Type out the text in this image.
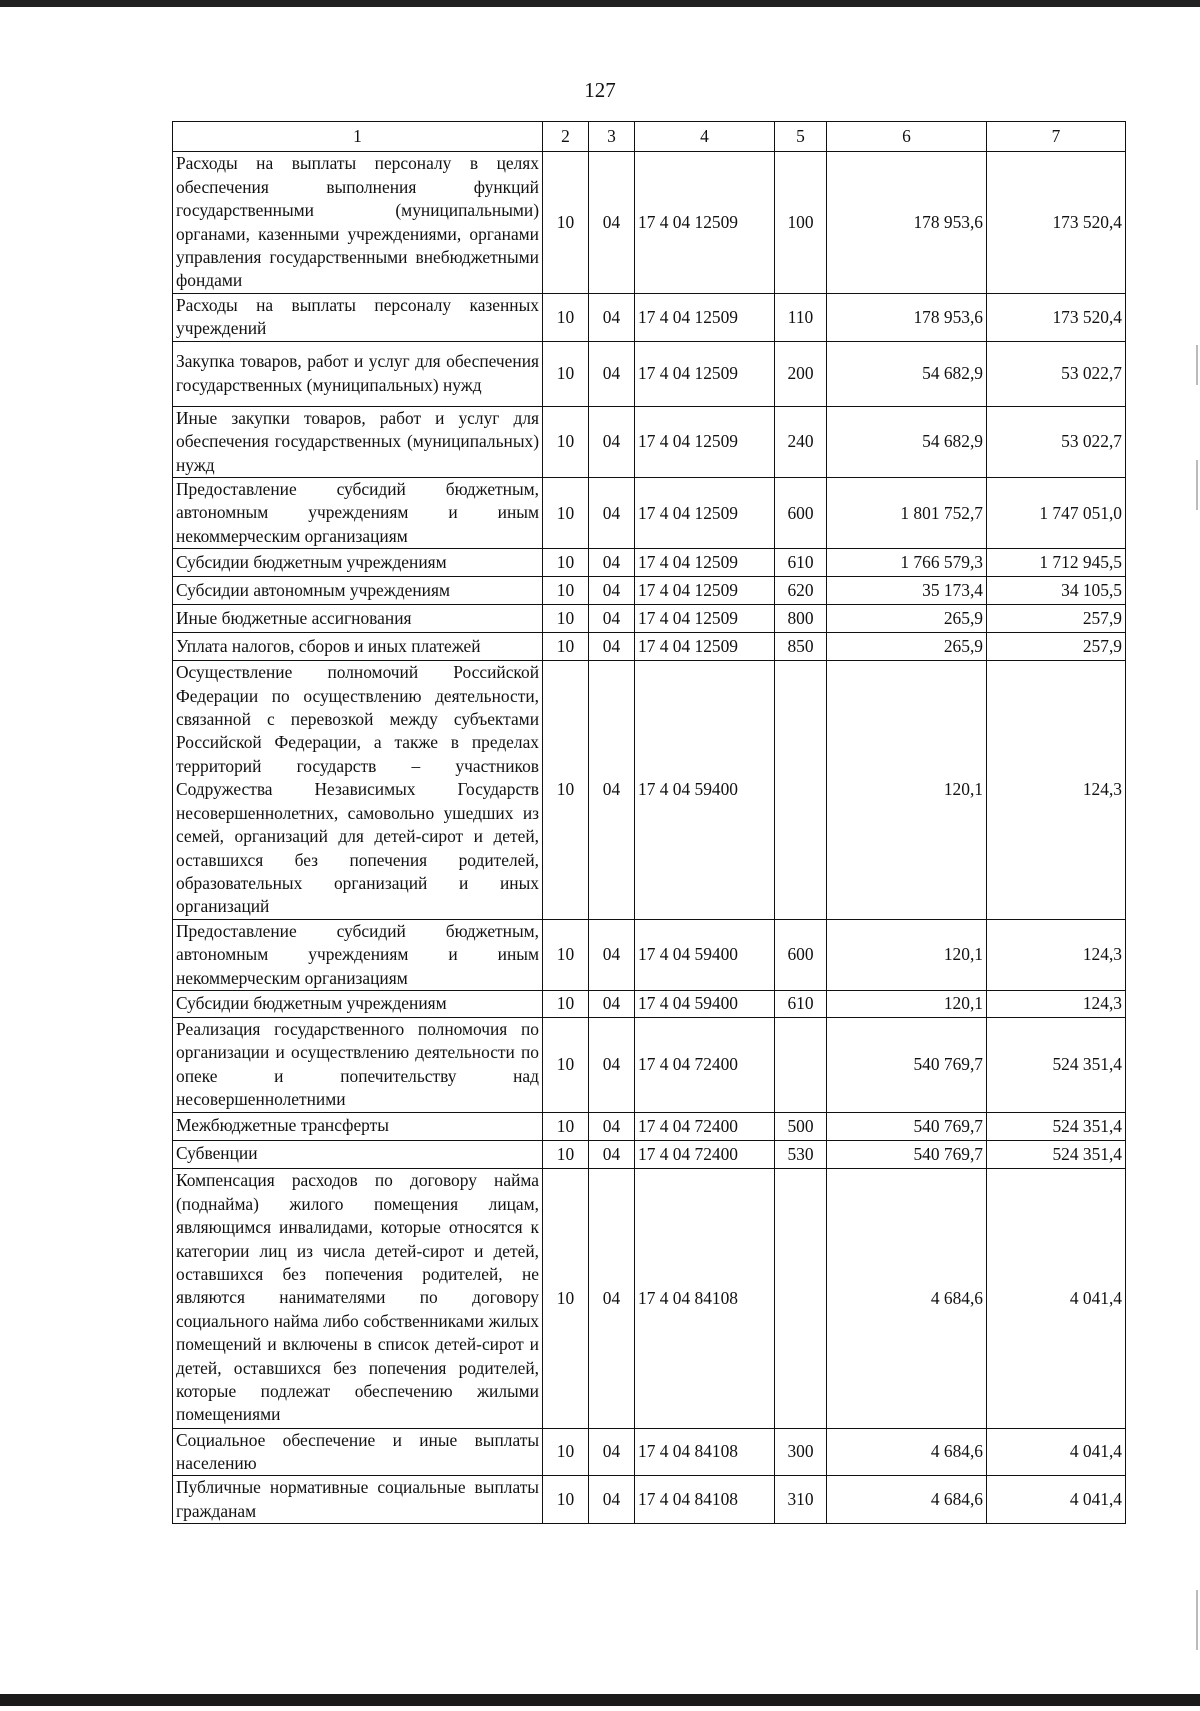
127
1	2	3	4	5	6	7
Расходы на выплаты персоналу в целях обеспечения выполнения функций государственными (муниципальными) органами, казенными учреждениями, органами управления государственными внебюджетными фондами	10	04	17 4 04 12509	100	178 953,6	173 520,4
Расходы на выплаты персоналу казенных учреждений	10	04	17 4 04 12509	110	178 953,6	173 520,4
Закупка товаров, работ и услуг для обеспечения государственных (муниципальных) нужд	10	04	17 4 04 12509	200	54 682,9	53 022,7
Иные закупки товаров, работ и услуг для обеспечения государственных (муниципальных) нужд	10	04	17 4 04 12509	240	54 682,9	53 022,7
Предоставление субсидий бюджетным, автономным учреждениям и иным некоммерческим организациям	10	04	17 4 04 12509	600	1 801 752,7	1 747 051,0
Субсидии бюджетным учреждениям	10	04	17 4 04 12509	610	1 766 579,3	1 712 945,5
Субсидии автономным учреждениям	10	04	17 4 04 12509	620	35 173,4	34 105,5
Иные бюджетные ассигнования	10	04	17 4 04 12509	800	265,9	257,9
Уплата налогов, сборов и иных платежей	10	04	17 4 04 12509	850	265,9	257,9
Осуществление полномочий Российской Федерации по осуществлению деятельности, связанной с перевозкой между субъектами Российской Федерации, а также в пределах территорий государств – участников Содружества Независимых Государств несовершеннолетних, самовольно ушедших из семей, организаций для детей-сирот и детей, оставшихся без попечения родителей, образовательных организаций и иных организаций	10	04	17 4 04 59400		120,1	124,3
Предоставление субсидий бюджетным, автономным учреждениям и иным некоммерческим организациям	10	04	17 4 04 59400	600	120,1	124,3
Субсидии бюджетным учреждениям	10	04	17 4 04 59400	610	120,1	124,3
Реализация государственного полномочия по организации и осуществлению деятельности по опеке и попечительству над несовершеннолетними	10	04	17 4 04 72400		540 769,7	524 351,4
Межбюджетные трансферты	10	04	17 4 04 72400	500	540 769,7	524 351,4
Субвенции	10	04	17 4 04 72400	530	540 769,7	524 351,4
Компенсация расходов по договору найма (поднайма) жилого помещения лицам, являющимся инвалидами, которые относятся к категории лиц из числа детей-сирот и детей, оставшихся без попечения родителей, не являются нанимателями по договору социального найма либо собственниками жилых помещений и включены в список детей-сирот и детей, оставшихся без попечения родителей, которые подлежат обеспечению жилыми помещениями	10	04	17 4 04 84108		4 684,6	4 041,4
Социальное обеспечение и иные выплаты населению	10	04	17 4 04 84108	300	4 684,6	4 041,4
Публичные нормативные социальные выплаты гражданам	10	04	17 4 04 84108	310	4 684,6	4 041,4
